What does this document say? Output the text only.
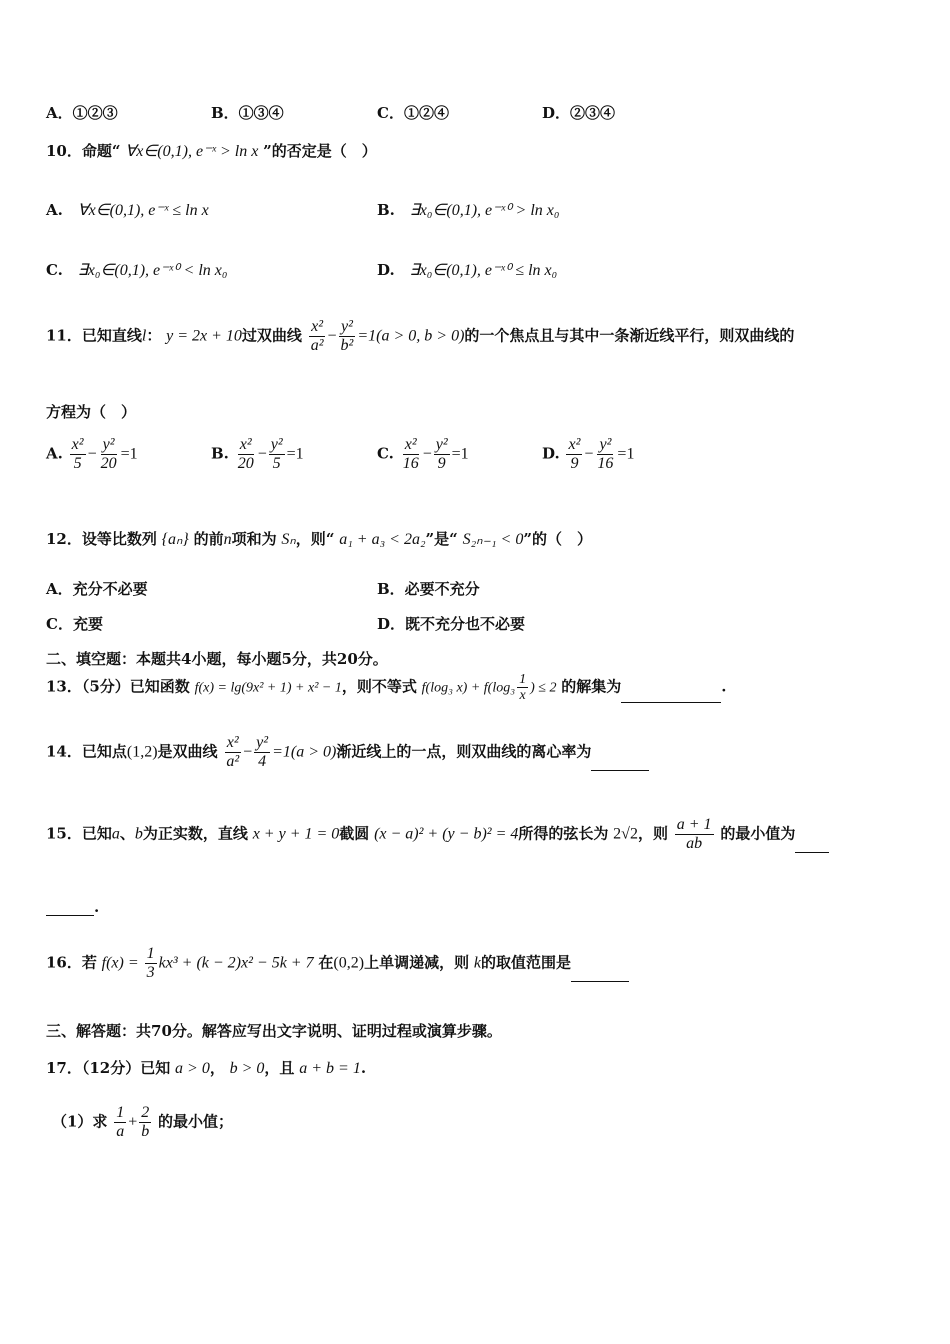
A．①②③	B．①③④	C．①②④	D．②③④
10．命题“ ∀x∈(0,1), e⁻ˣ > ln x ”的否定是（　）
A. ∀x∈(0,1), e⁻ˣ ≤ ln x	B. ∃x₀∈(0,1), e⁻ˣ⁰ > ln x₀
C. ∃x₀∈(0,1), e⁻ˣ⁰ < ln x₀	D. ∃x₀∈(0,1), e⁻ˣ⁰ ≤ ln x₀
11．已知直线l： y = 2x + 10过双曲线 $\frac{\text{x²}}{\text{a²}} - \frac{\text{y²}}{\text{b²}} =1(a > 0$, b > 0)的一个焦点且与其中一条渐近线平行，则双曲线的
方程为（　）
A. $\frac{\text{x²}}{5} - \frac{\text{y²}}{20} =1$	B. $\frac{\text{x²}}{20} - \frac{\text{y²}}{5} =1$	C. $\frac{\text{x²}}{16} - \frac{\text{y²}}{9} =1$	D. $\frac{\text{x²}}{9} - \frac{\text{y²}}{16} =1$
12．设等比数列 {aₙ} 的前n项和为 Sₙ，则“ a₁ + a₃ < 2a₂”是“ S₂ₙ₋₁ < 0”的（　）
A．充分不必要	B．必要不充分
C．充要	D．既不充分也不必要
二、填空题：本题共4小题，每小题5分，共20分。
13．（5分）已知函数 f(x) = lg(9x² + 1) + x² − 1，则不等式 f(log₃ $x) + f(\log_3 \frac{1}{x}$ ) ≤ 2 的解集为	.
14．已知点(1,2)是双曲线 $\frac{\text{x²}}{\text{a²}} - \frac{\text{y²}}{4} =1(a > 0)$渐近线上的一点，则双曲线的离心率为
15．已知a、b为正实数，直线 x + y + 1 = 0截圆 (x − a)² + (y − b)² = 4所得的弦长为 2√2，则 $\frac{a + 1}{ab}$ 的最小值为
.
16．若 $f(x) = \frac{1}{3} kx^3 + (k - 2)x^2 - 5k + 7$ 在(0,2)上单调递减，则 k的取值范围是
三、解答题：共70分。解答应写出文字说明、证明过程或演算步骤。
17．（12分）已知 a > 0， b > 0，且 a + b = 1.
（1）求 $\frac{1}{a} + \frac{2}{b}$ 的最小值；
